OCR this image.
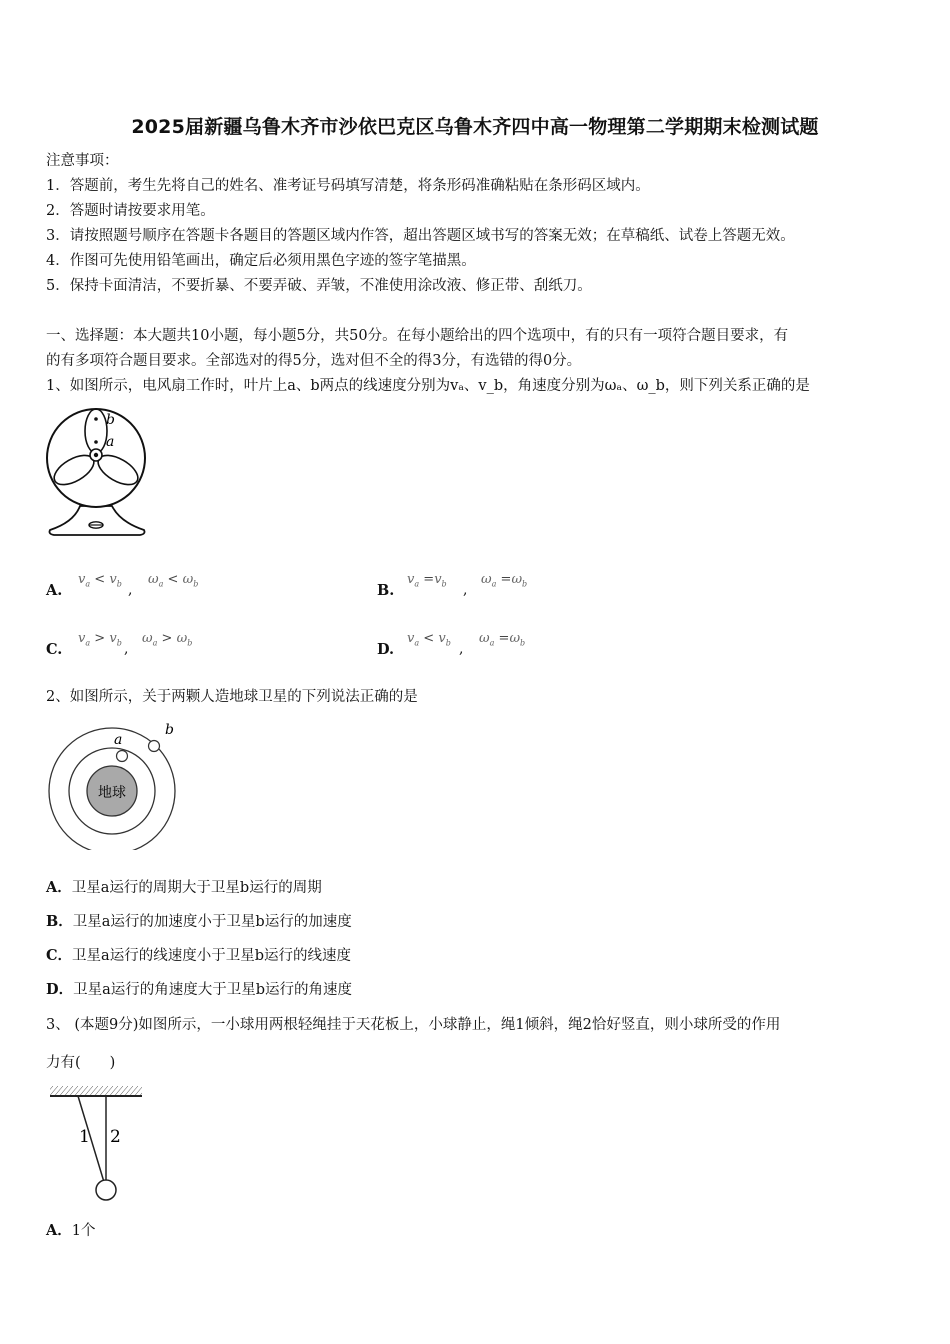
2025届新疆乌鲁木齐市沙依巴克区乌鲁木齐四中高一物理第二学期期末检测试题
注意事项：
1．答题前，考生先将自己的姓名、准考证号码填写清楚，将条形码准确粘贴在条形码区域内。
2．答题时请按要求用笔。
3．请按照题号顺序在答题卡各题目的答题区域内作答，超出答题区域书写的答案无效；在草稿纸、试卷上答题无效。
4．作图可先使用铅笔画出，确定后必须用黑色字迹的签字笔描黑。
5．保持卡面清洁，不要折暴、不要弄破、弄皱，不准使用涂改液、修正带、刮纸刀。
一、选择题：本大题共10小题，每小题5分，共50分。在每小题给出的四个选项中，有的只有一项符合题目要求，有
的有多项符合题目要求。全部选对的得5分，选对但不全的得3分，有选错的得0分。
1、如图所示，电风扇工作时，叶片上a、b两点的线速度分别为vₐ、v_b，角速度分别为ωₐ、ω_b，则下列关系正确的是
b
a
A.
$v_a < v_b$ ,
$\omega_a < \omega_b$	B.
$v_a =v_b$ ,
$\omega_a =\omega_b$
C.
$v_a > v_b$ ,
$\omega_a > \omega_b$	D.
$v_a < v_b$ ,
$\omega_a =\omega_b$
2、如图所示，关于两颗人造地球卫星的下列说法正确的是
地球
a
b
A．卫星a运行的周期大于卫星b运行的周期
B．卫星a运行的加速度小于卫星b运行的加速度
C．卫星a运行的线速度小于卫星b运行的线速度
D．卫星a运行的角速度大于卫星b运行的角速度
3、 (本题9分)如图所示，一小球用两根轻绳挂于天花板上，小球静止，绳1倾斜，绳2恰好竖直，则小球所受的作用
力有(　　)
1 2
A．1个
